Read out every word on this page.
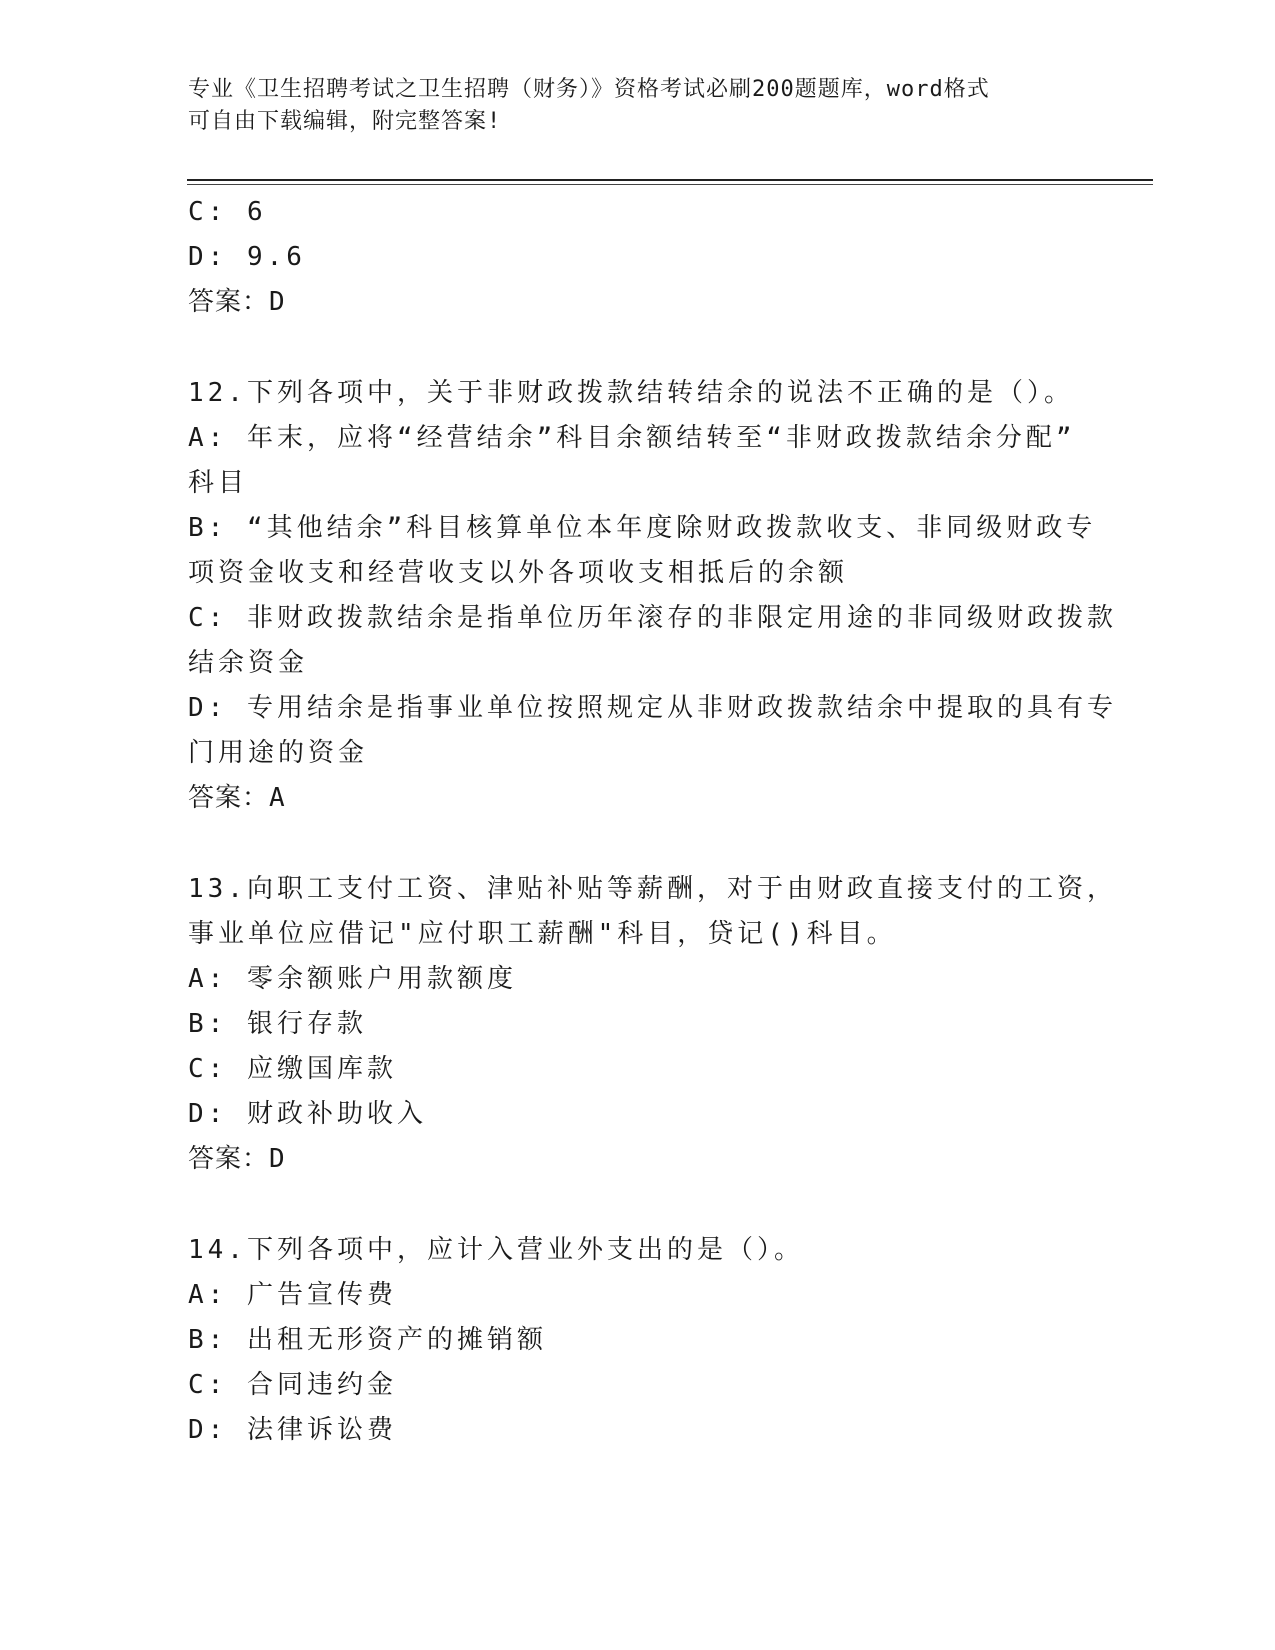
专业《卫生招聘考试之卫生招聘（财务）》资格考试必刷200题题库，word格式
可自由下载编辑，附完整答案!
C: 6
D: 9.6
答案：D
12.下列各项中，关于非财政拨款结转结余的说法不正确的是（）。
A: 年末，应将“经营结余”科目余额结转至“非财政拨款结余分配”
科目
B: “其他结余”科目核算单位本年度除财政拨款收支、非同级财政专
项资金收支和经营收支以外各项收支相抵后的余额
C: 非财政拨款结余是指单位历年滚存的非限定用途的非同级财政拨款
结余资金
D: 专用结余是指事业单位按照规定从非财政拨款结余中提取的具有专
门用途的资金
答案：A
13.向职工支付工资、津贴补贴等薪酬，对于由财政直接支付的工资，
事业单位应借记"应付职工薪酬"科目，贷记()科目。
A: 零余额账户用款额度
B: 银行存款
C: 应缴国库款
D: 财政补助收入
答案：D
14.下列各项中，应计入营业外支出的是（）。
A: 广告宣传费
B: 出租无形资产的摊销额
C: 合同违约金
D: 法律诉讼费
